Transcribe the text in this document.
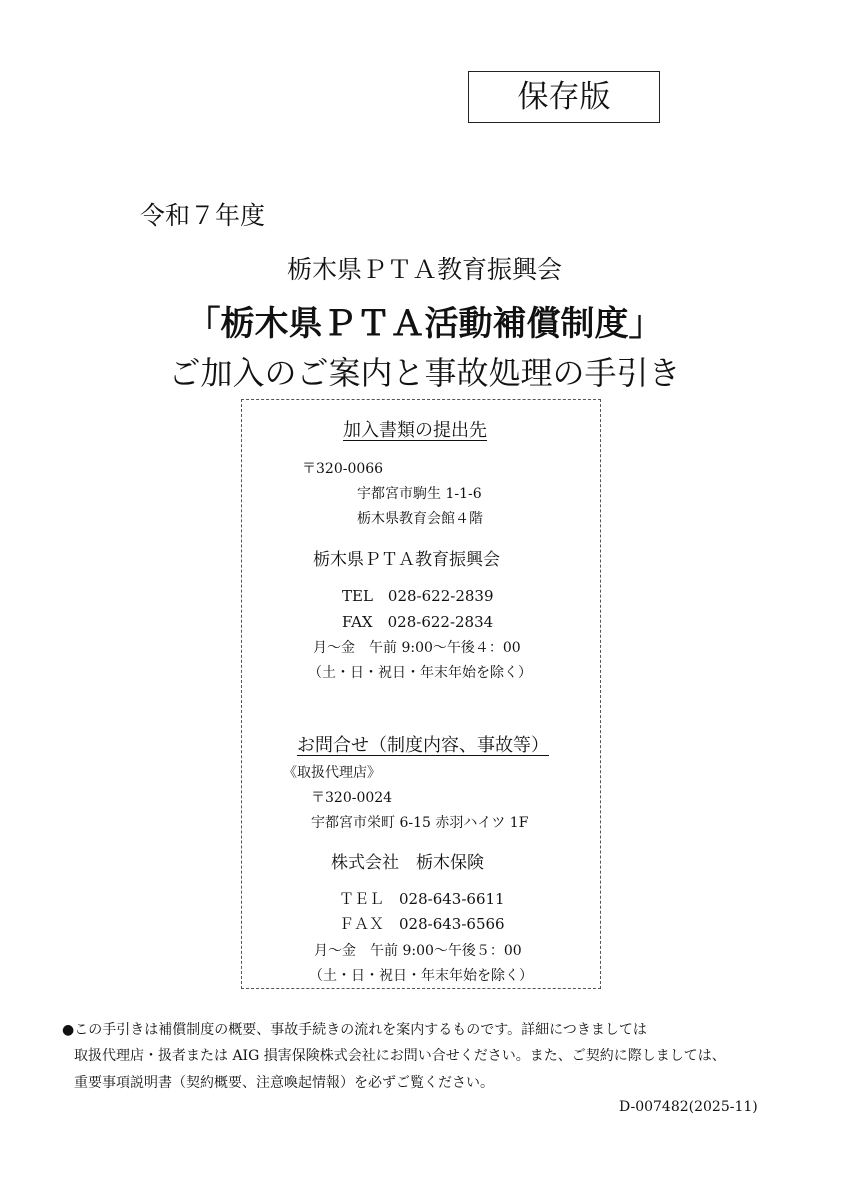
保存版
令和７年度
栃木県ＰＴＡ教育振興会
「栃木県ＰＴＡ活動補償制度」
ご加入のご案内と事故処理の手引き
加入書類の提出先
〒320-0066
宇都宮市駒生 1-1-6
栃木県教育会館４階
栃木県ＰＴＡ教育振興会
TEL　028-622-2839
FAX　028-622-2834
月～金　午前 9:00～午後４：00
（土・日・祝日・年末年始を除く）
お問合せ（制度内容、事故等）
《取扱代理店》
〒320-0024
宇都宮市栄町 6-15 赤羽ハイツ 1F
株式会社　栃木保険
ＴＥＬ　028-643-6611
ＦＡＸ　028-643-6566
月～金　午前 9:00～午後５：00
（土・日・祝日・年末年始を除く）
●この手引きは補償制度の概要、事故手続きの流れを案内するものです。詳細につきましては
取扱代理店・扱者または AIG 損害保険株式会社にお問い合せください。また、ご契約に際しましては、
重要事項説明書（契約概要、注意喚起情報）を必ずご覧ください。
D-007482(2025-11)
